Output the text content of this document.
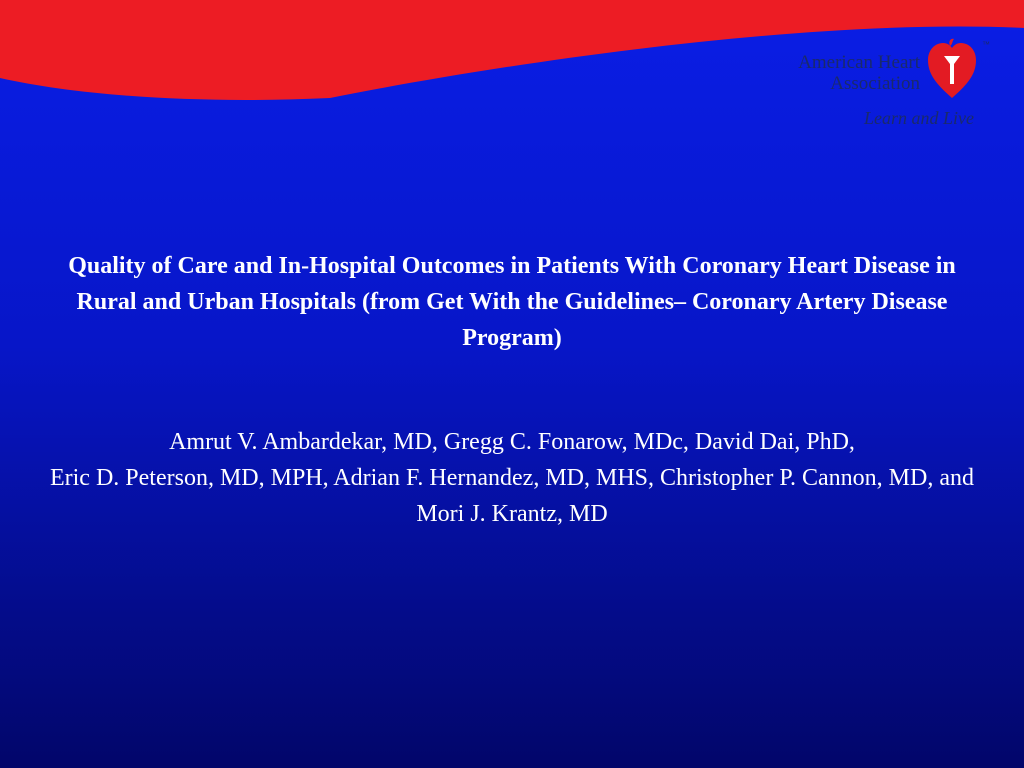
American Heart
Association
™
Learn and Live
Quality of Care and In-Hospital Outcomes in Patients With Coronary Heart Disease in Rural and Urban Hospitals (from Get With the Guidelines– Coronary Artery Disease Program)
Amrut V. Ambardekar, MD, Gregg C. Fonarow, MDc, David Dai, PhD,
Eric D. Peterson, MD, MPH, Adrian F. Hernandez, MD, MHS, Christopher P. Cannon, MD, and Mori J. Krantz, MD
